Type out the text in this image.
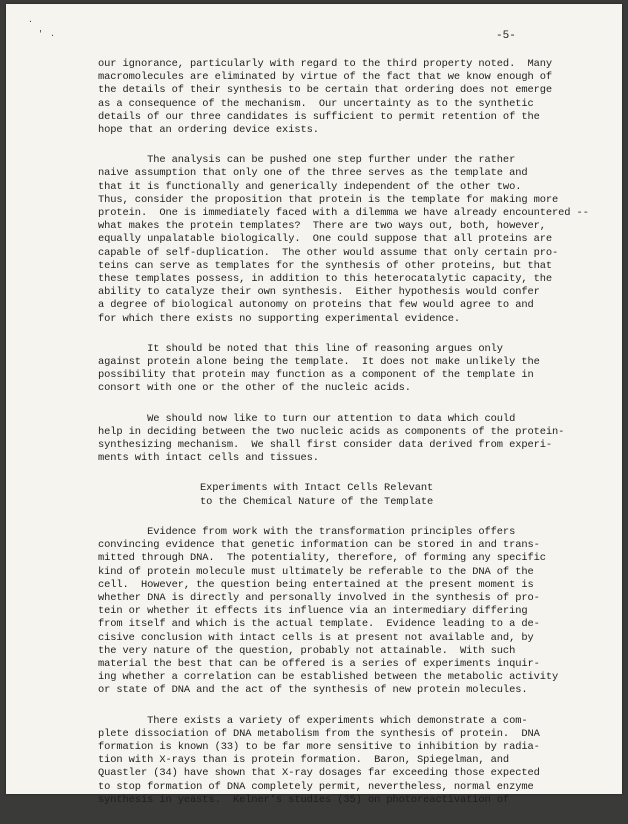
.
' .	-5-
our ignorance, particularly with regard to the third property noted.  Many
macromolecules are eliminated by virtue of the fact that we know enough of
the details of their synthesis to be certain that ordering does not emerge
as a consequence of the mechanism.  Our uncertainty as to the synthetic
details of our three candidates is sufficient to permit retention of the
hope that an ordering device exists.
The analysis can be pushed one step further under the rather
naive assumption that only one of the three serves as the template and
that it is functionally and generically independent of the other two.
Thus, consider the proposition that protein is the template for making more
protein.  One is immediately faced with a dilemma we have already encountered --
what makes the protein templates?  There are two ways out, both, however,
equally unpalatable biologically.  One could suppose that all proteins are
capable of self-duplication.  The other would assume that only certain pro-
teins can serve as templates for the synthesis of other proteins, but that
these templates possess, in addition to this heterocatalytic capacity, the
ability to catalyze their own synthesis.  Either hypothesis would confer
a degree of biological autonomy on proteins that few would agree to and
for which there exists no supporting experimental evidence.
It should be noted that this line of reasoning argues only
against protein alone being the template.  It does not make unlikely the
possibility that protein may function as a component of the template in
consort with one or the other of the nucleic acids.
We should now like to turn our attention to data which could
help in deciding between the two nucleic acids as components of the protein-
synthesizing mechanism.  We shall first consider data derived from experi-
ments with intact cells and tissues.
Experiments with Intact Cells Relevant
to the Chemical Nature of the Template
Evidence from work with the transformation principles offers
convincing evidence that genetic information can be stored in and trans-
mitted through DNA.  The potentiality, therefore, of forming any specific
kind of protein molecule must ultimately be referable to the DNA of the
cell.  However, the question being entertained at the present moment is
whether DNA is directly and personally involved in the synthesis of pro-
tein or whether it effects its influence via an intermediary differing
from itself and which is the actual template.  Evidence leading to a de-
cisive conclusion with intact cells is at present not available and, by
the very nature of the question, probably not attainable.  With such
material the best that can be offered is a series of experiments inquir-
ing whether a correlation can be established between the metabolic activity
or state of DNA and the act of the synthesis of new protein molecules.
There exists a variety of experiments which demonstrate a com-
plete dissociation of DNA metabolism from the synthesis of protein.  DNA
formation is known (33) to be far more sensitive to inhibition by radia-
tion with X-rays than is protein formation.  Baron, Spiegelman, and
Quastler (34) have shown that X-ray dosages far exceeding those expected
to stop formation of DNA completely permit, nevertheless, normal enzyme
synthesis in yeasts.  Kelner's studies (35) on photoreactivation of
